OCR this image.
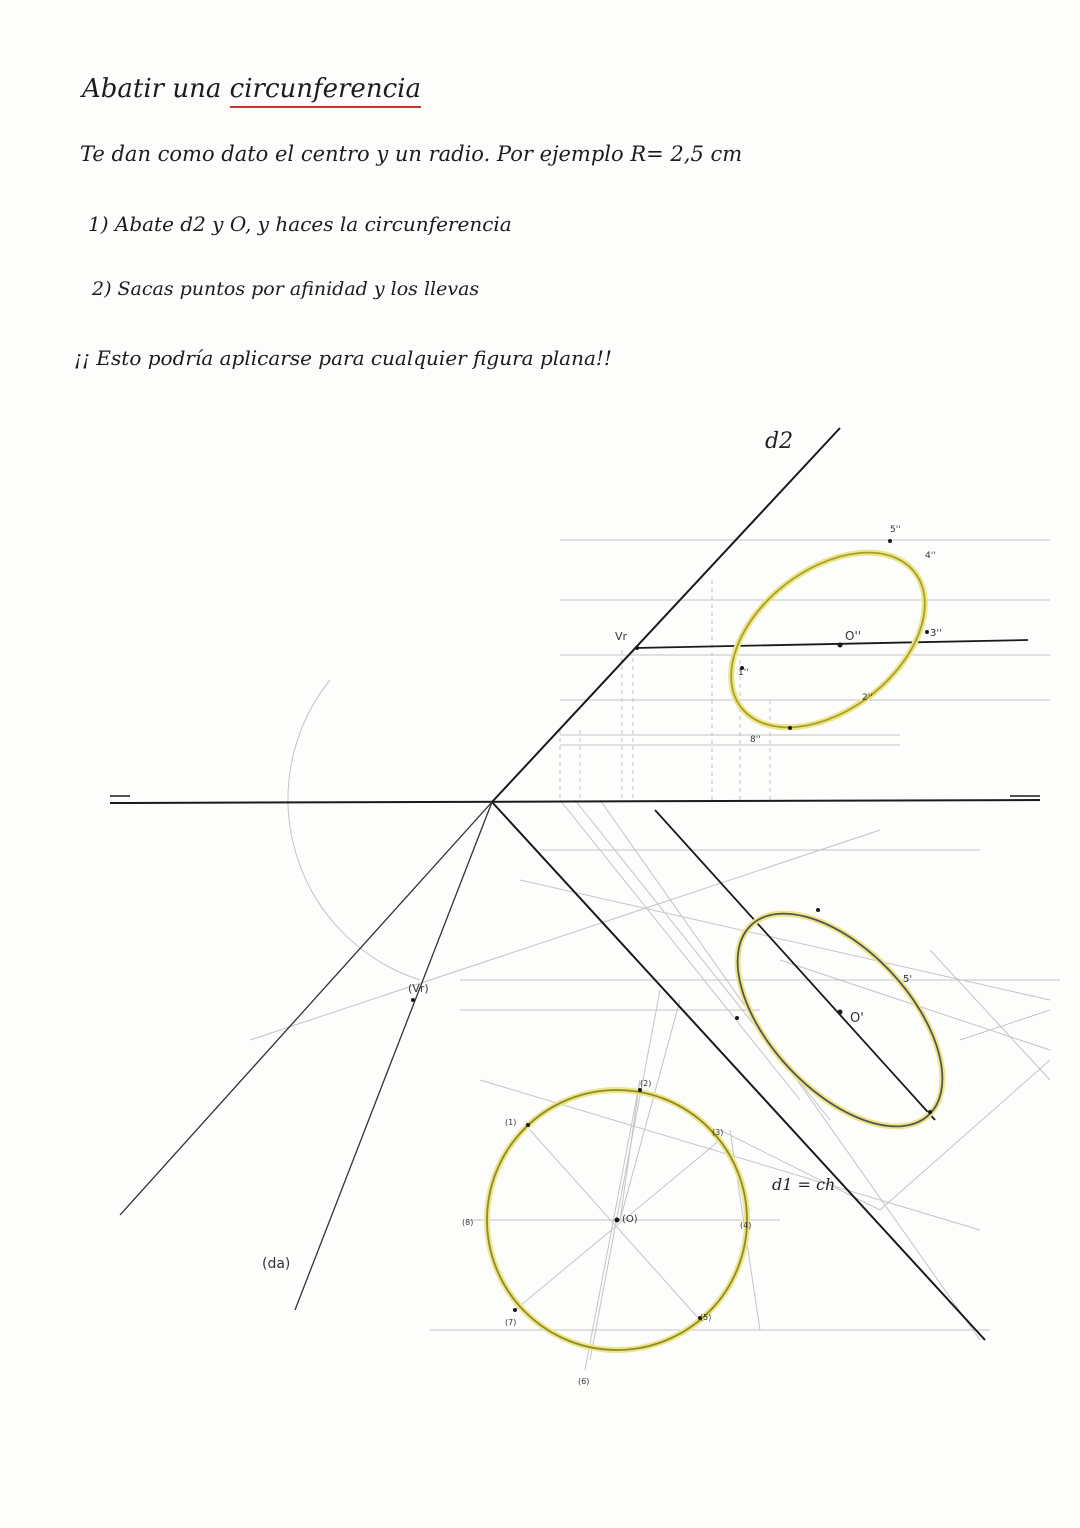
Abatir una circunferencia
Te dan como dato el centro y un radio. Por ejemplo R= 2,5 cm
1) Abate d2 y O, y haces la circunferencia
2) Sacas puntos por afinidad y los llevas
¡¡ Esto podría aplicarse para cualquier figura plana!!
d2
Vr
(Vr)
(da)
d1 = ch
O''
O'
(O)
1''
2''
3''
4''
5''
8''
5'
(1)
(2)
(3)
(4)
(5)
(6)
(7)
(8)
